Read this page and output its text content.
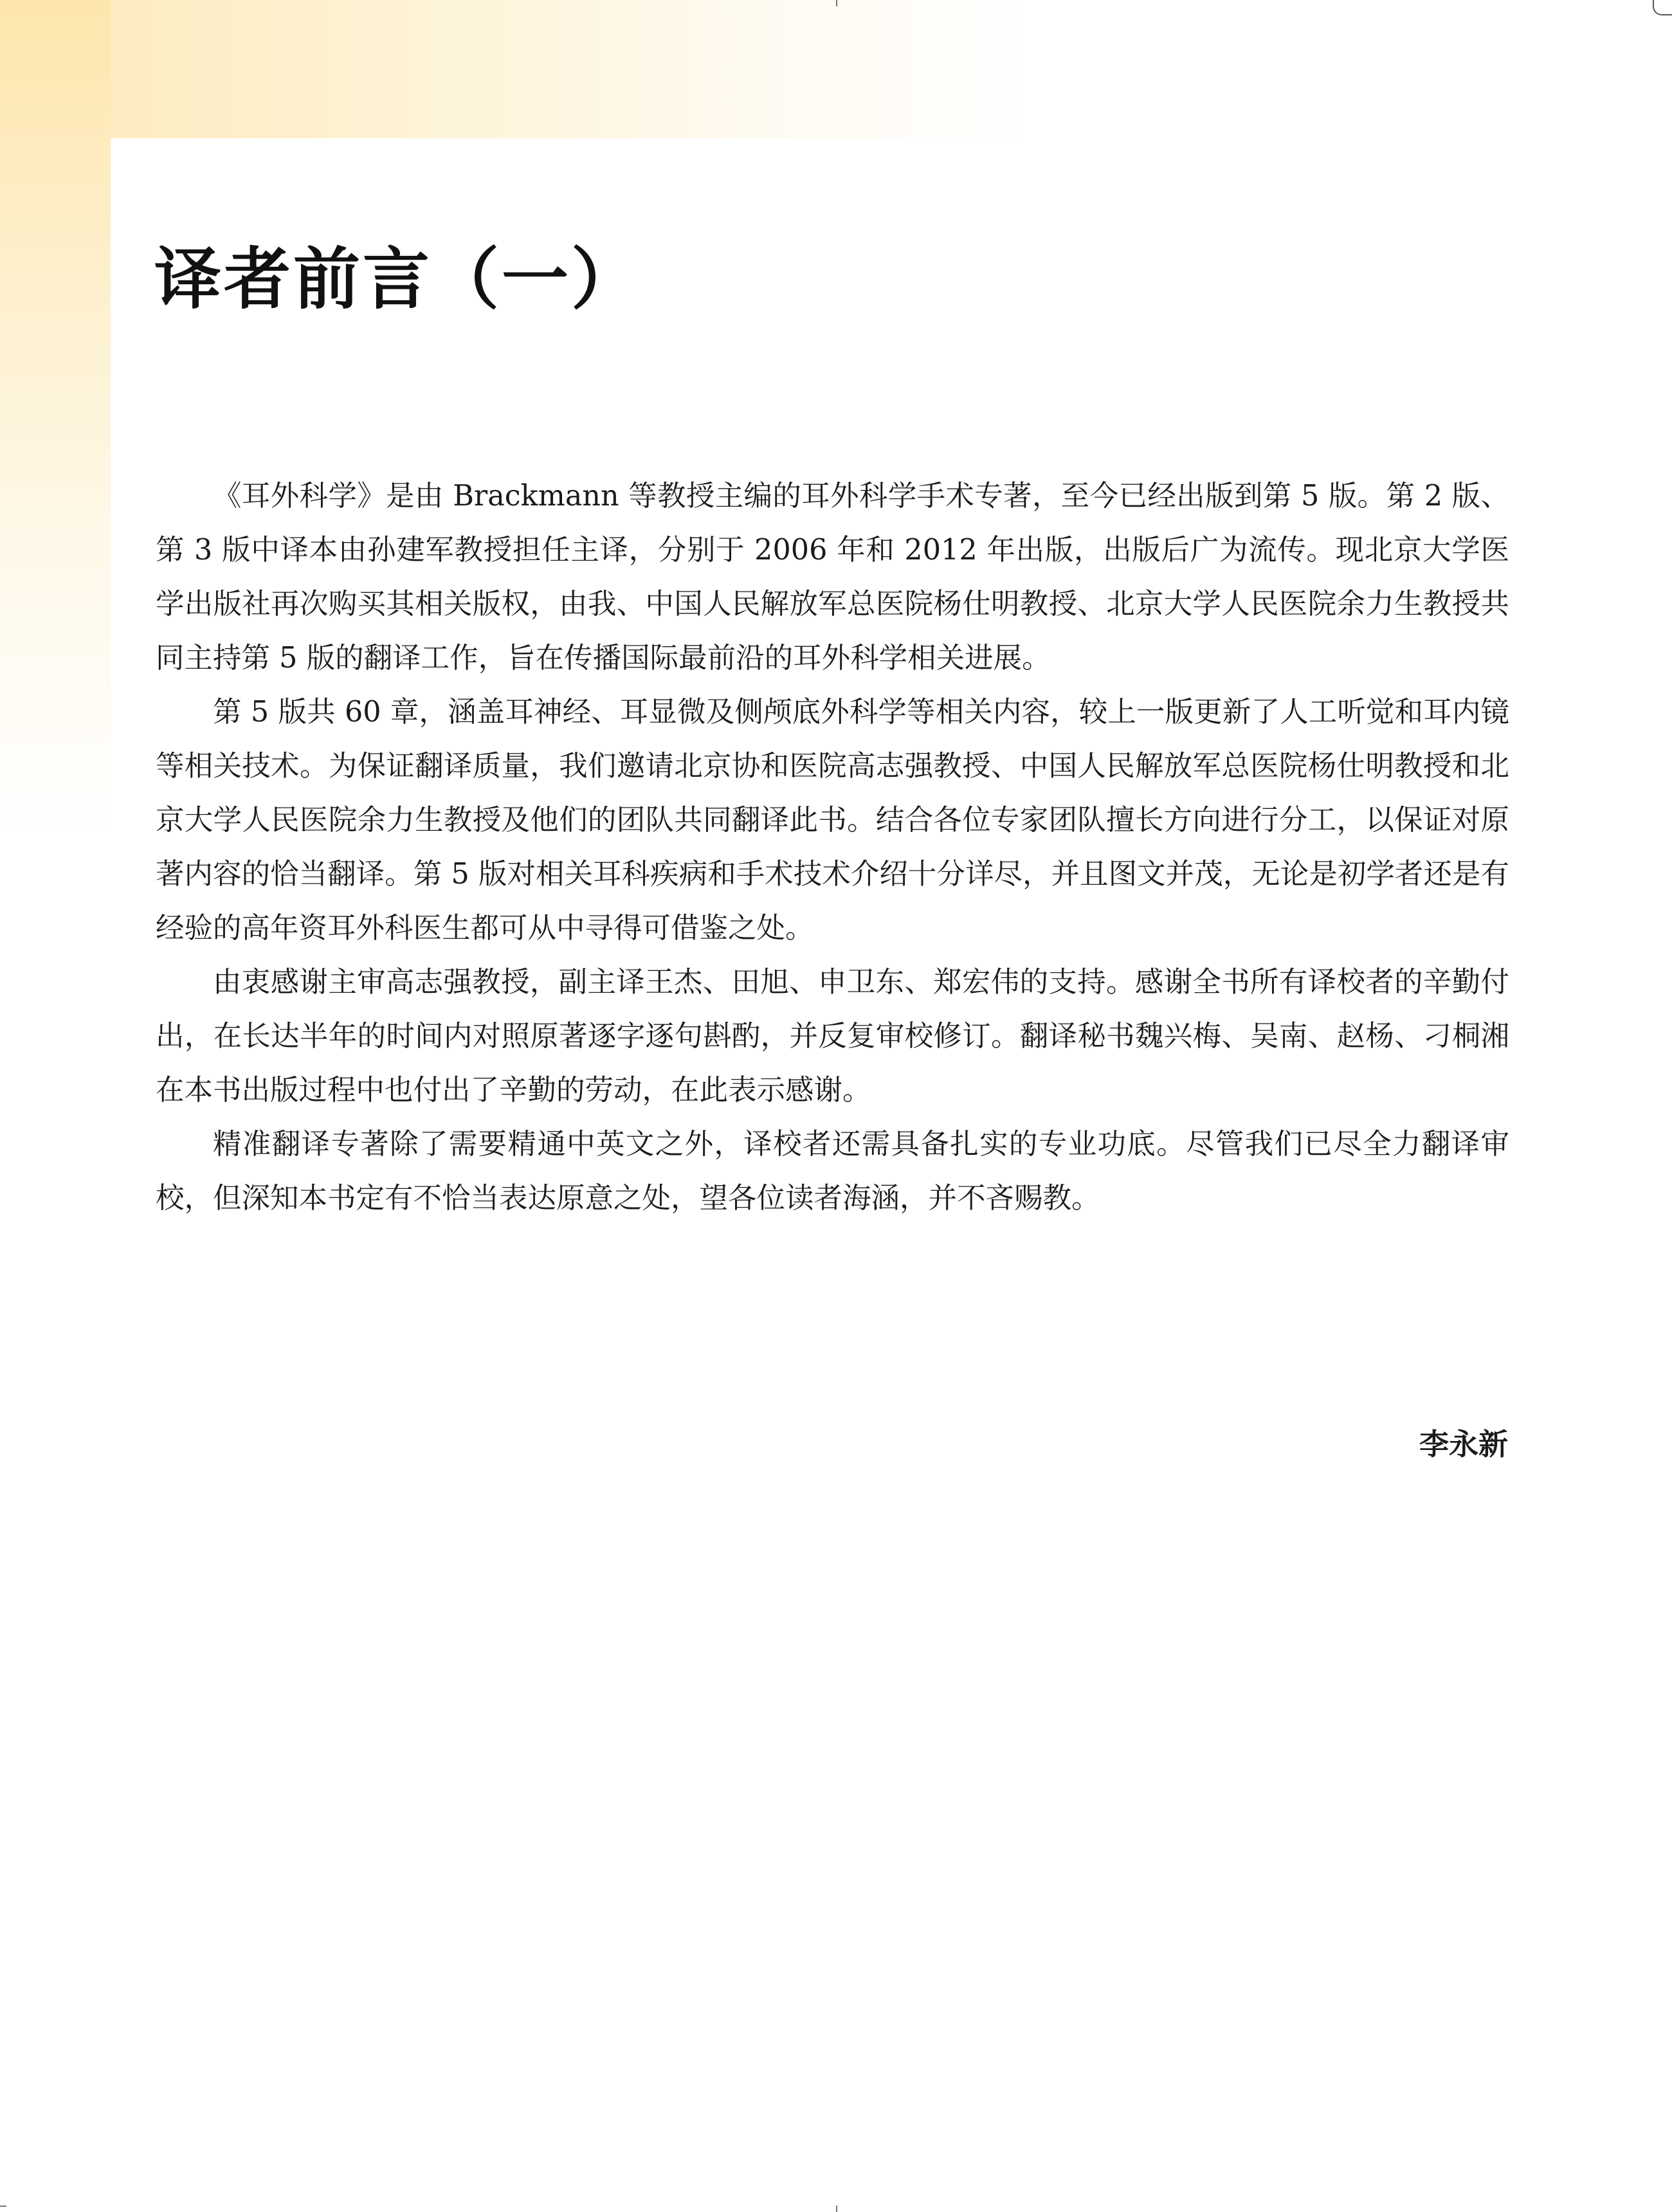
译者前言（一）

《耳外科学》是由 Brackmann 等教授主编的耳外科学手术专著，至今已经出版到第 5 版。第 2 版、第 3 版中译本由孙建军教授担任主译，分别于 2006 年和 2012 年出版，出版后广为流传。现北京大学医学出版社再次购买其相关版权，由我、中国人民解放军总医院杨仕明教授、北京大学人民医院余力生教授共同主持第 5 版的翻译工作，旨在传播国际最前沿的耳外科学相关进展。

第 5 版共 60 章，涵盖耳神经、耳显微及侧颅底外科学等相关内容，较上一版更新了人工听觉和耳内镜等相关技术。为保证翻译质量，我们邀请北京协和医院高志强教授、中国人民解放军总医院杨仕明教授和北京大学人民医院余力生教授及他们的团队共同翻译此书。结合各位专家团队擅长方向进行分工，以保证对原著内容的恰当翻译。第 5 版对相关耳科疾病和手术技术介绍十分详尽，并且图文并茂，无论是初学者还是有经验的高年资耳外科医生都可从中寻得可借鉴之处。

由衷感谢主审高志强教授，副主译王杰、田旭、申卫东、郑宏伟的支持。感谢全书所有译校者的辛勤付出，在长达半年的时间内对照原著逐字逐句斟酌，并反复审校修订。翻译秘书魏兴梅、吴南、赵杨、刁桐湘在本书出版过程中也付出了辛勤的劳动，在此表示感谢。

精准翻译专著除了需要精通中英文之外，译校者还需具备扎实的专业功底。尽管我们已尽全力翻译审校，但深知本书定有不恰当表达原意之处，望各位读者海涵，并不吝赐教。

李永新
